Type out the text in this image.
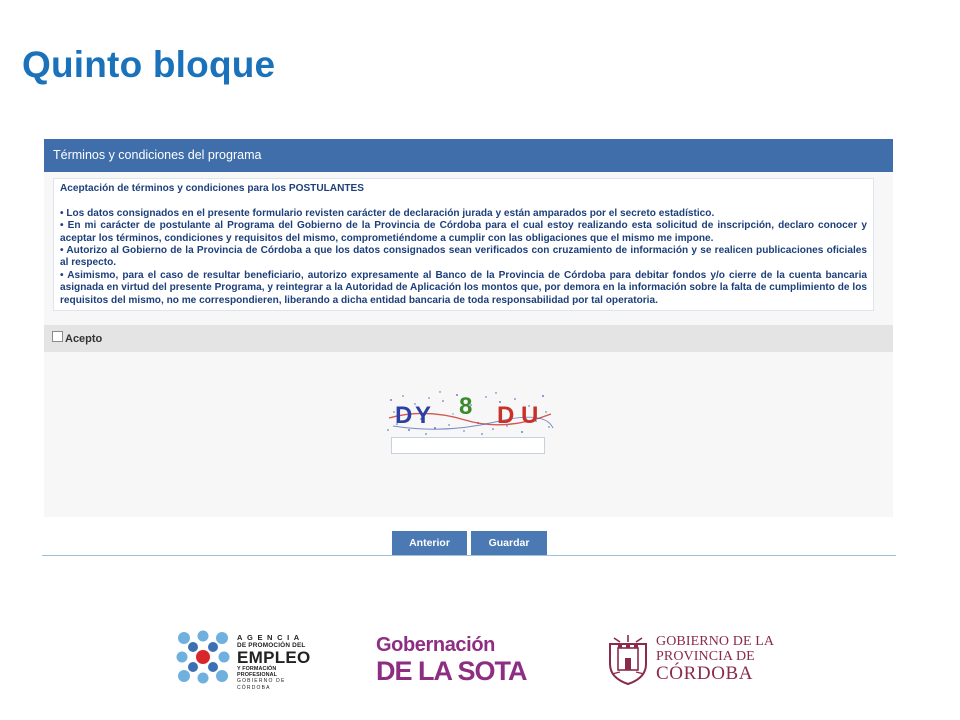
Quinto bloque
Términos y condiciones del programa

Aceptación de términos y condiciones para los POSTULANTES

• Los datos consignados en el presente formulario revisten carácter de declaración jurada y están amparados por el secreto estadístico.

• En mi carácter de postulante al Programa del Gobierno de la Provincia de Córdoba para el cual estoy realizando esta solicitud de inscripción, declaro conocer y aceptar los términos, condiciones y requisitos del mismo, comprometiéndome a cumplir con las obligaciones que el mismo me impone.

• Autorizo al Gobierno de la Provincia de Córdoba a que los datos consignados sean verificados con cruzamiento de información y se realicen publicaciones oficiales al respecto.

• Asimismo, para el caso de resultar beneficiario, autorizo expresamente al Banco de la Provincia de Córdoba para debitar fondos y/o cierre de la cuenta bancaria asignada en virtud del presente Programa, y reintegrar a la Autoridad de Aplicación los montos que, por demora en la información sobre la falta de cumplimiento de los requisitos del mismo, no me correspondieren, liberando a dicha entidad bancaria de toda responsabilidad por tal operatoria.

Acepto
D Y 8 D U
Anterior	Guardar
AGENCIA
DE PROMOCIÓN DEL
EMPLEO
Y FORMACIÓN PROFESIONAL
GOBIERNO DE CÓRDOBA
Gobernación
DE LA SOTA
GOBIERNO DE LA
PROVINCIA DE
CÓRDOBA
